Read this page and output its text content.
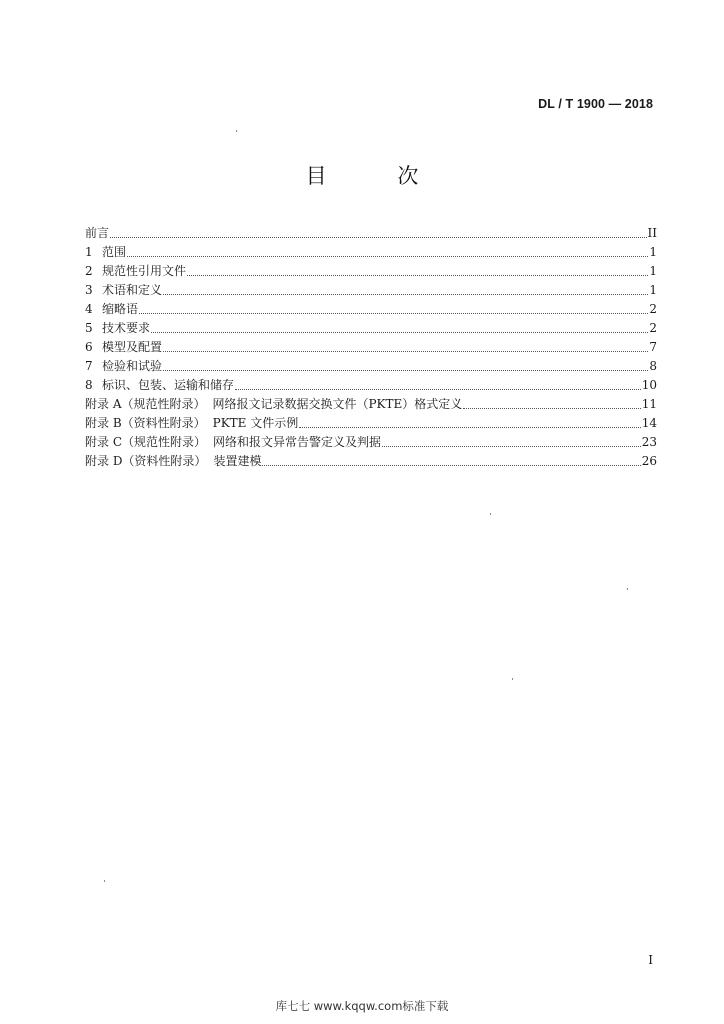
DL / T 1900 — 2018
目 次
前言	II
1 范围	1
2 规范性引用文件	1
3 术语和定义	1
4 缩略语	2
5 技术要求	2
6 模型及配置	7
7 检验和试验	8
8 标识、包装、运输和储存	10
附录 A（规范性附录） 网络报文记录数据交换文件（PKTE）格式定义	11
附录 B（资料性附录） PKTE 文件示例	14
附录 C（规范性附录） 网络和报文异常告警定义及判据	23
附录 D（资料性附录） 装置建模	26
I
库七七 www.kqqw.com标准下载
